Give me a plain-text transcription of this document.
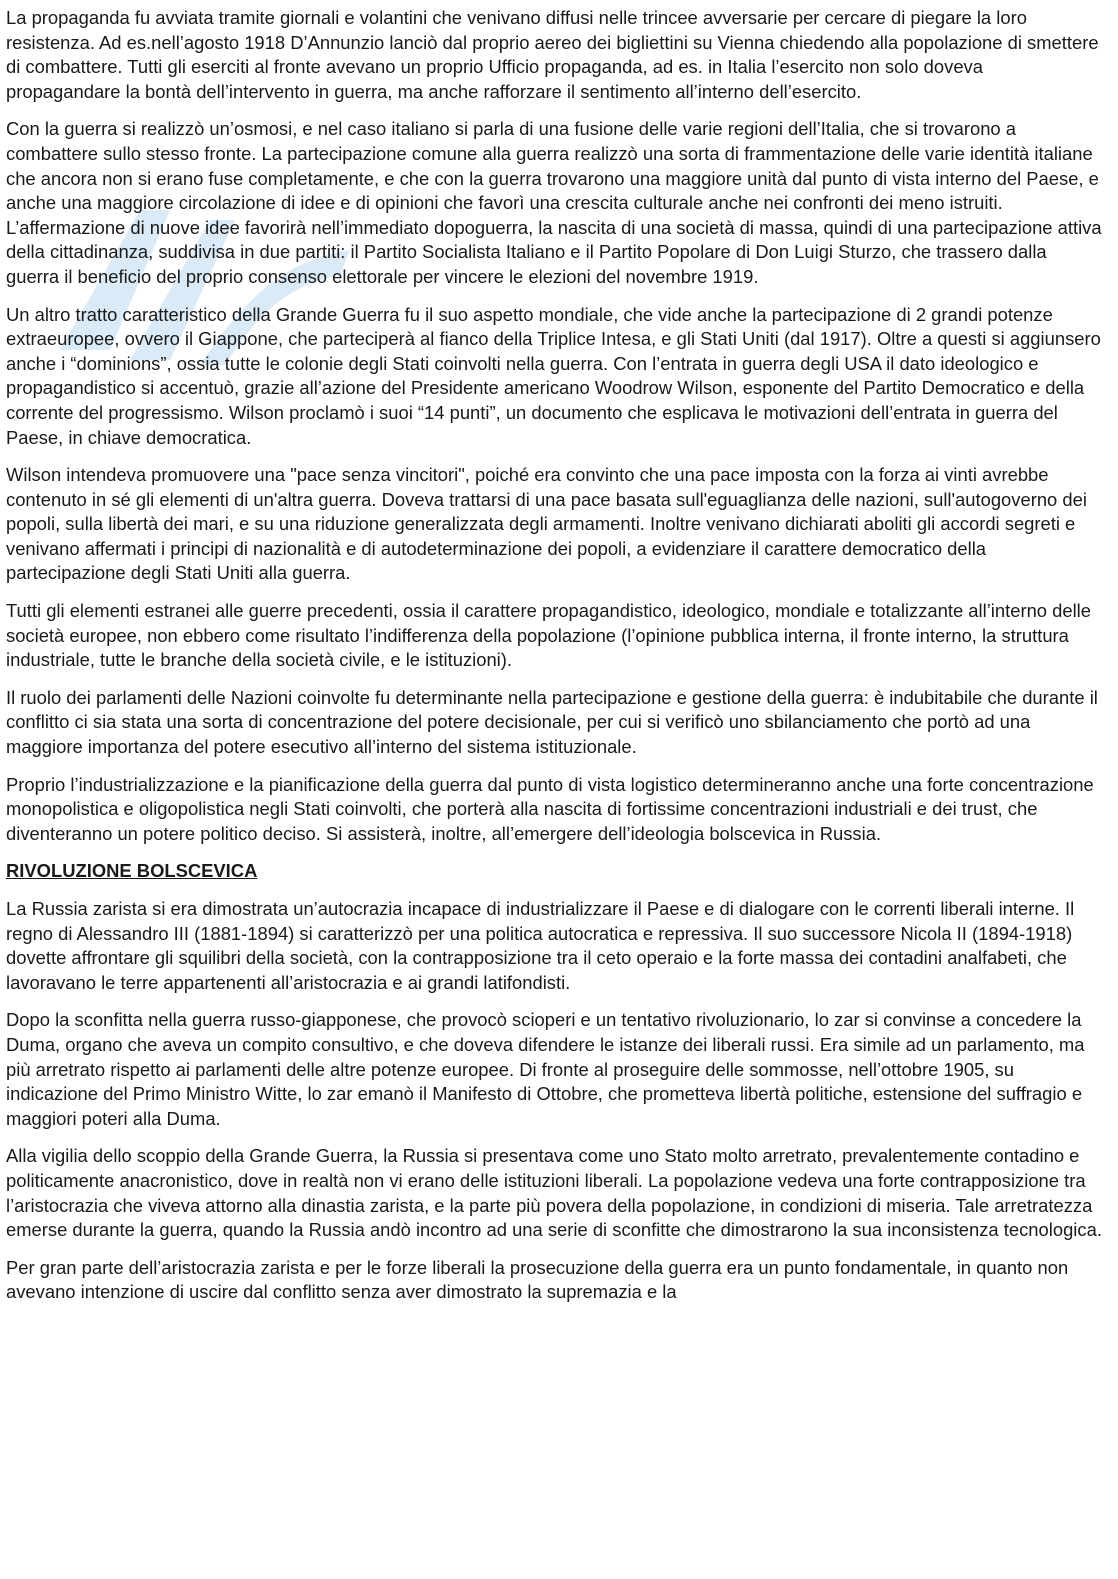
La propaganda fu avviata tramite giornali e volantini che venivano diffusi nelle trincee avversarie per cercare di piegare la loro resistenza. Ad es.nell’agosto 1918 D’Annunzio lanciò dal proprio aereo dei bigliettini su Vienna chiedendo alla popolazione di smettere di combattere. Tutti gli eserciti al fronte avevano un proprio Ufficio propaganda, ad es. in Italia l’esercito non solo doveva propagandare la bontà dell’intervento in guerra, ma anche rafforzare il sentimento all’interno dell’esercito.

Con la guerra si realizzò un’osmosi, e nel caso italiano si parla di una fusione delle varie regioni dell’Italia, che si trovarono a combattere sullo stesso fronte. La partecipazione comune alla guerra realizzò una sorta di frammentazione delle varie identità italiane che ancora non si erano fuse completamente, e che con la guerra trovarono una maggiore unità dal punto di vista interno del Paese, e anche una maggiore circolazione di idee e di opinioni che favorì una crescita culturale anche nei confronti dei meno istruiti. L’affermazione di nuove idee favorirà nell’immediato dopoguerra, la nascita di una società di massa, quindi di una partecipazione attiva della cittadinanza, suddivisa in due partiti: il Partito Socialista Italiano e il Partito Popolare di Don Luigi Sturzo, che trassero dalla guerra il beneficio del proprio consenso elettorale per vincere le elezioni del novembre 1919.

Un altro tratto caratteristico della Grande Guerra fu il suo aspetto mondiale, che vide anche la partecipazione di 2 grandi potenze extraeuropee, ovvero il Giappone, che parteciperà al fianco della Triplice Intesa, e gli Stati Uniti (dal 1917). Oltre a questi si aggiunsero anche i “dominions”, ossia tutte le colonie degli Stati coinvolti nella guerra. Con l’entrata in guerra degli USA il dato ideologico e propagandistico si accentuò, grazie all’azione del Presidente americano Woodrow Wilson, esponente del Partito Democratico e della corrente del progressismo. Wilson proclamò i suoi “14 punti”, un documento che esplicava le motivazioni dell’entrata in guerra del Paese, in chiave democratica.

Wilson intendeva promuovere una "pace senza vincitori", poiché era convinto che una pace imposta con la forza ai vinti avrebbe contenuto in sé gli elementi di un'altra guerra. Doveva trattarsi di una pace basata sull'eguaglianza delle nazioni, sull'autogoverno dei popoli, sulla libertà dei mari, e su una riduzione generalizzata degli armamenti. Inoltre venivano dichiarati aboliti gli accordi segreti e venivano affermati i principi di nazionalità e di autodeterminazione dei popoli, a evidenziare il carattere democratico della partecipazione degli Stati Uniti alla guerra.

Tutti gli elementi estranei alle guerre precedenti, ossia il carattere propagandistico, ideologico, mondiale e totalizzante all’interno delle società europee, non ebbero come risultato l’indifferenza della popolazione (l’opinione pubblica interna, il fronte interno, la struttura industriale, tutte le branche della società civile, e le istituzioni).

Il ruolo dei parlamenti delle Nazioni coinvolte fu determinante nella partecipazione e gestione della guerra: è indubitabile che durante il conflitto ci sia stata una sorta di concentrazione del potere decisionale, per cui si verificò uno sbilanciamento che portò ad una maggiore importanza del potere esecutivo all’interno del sistema istituzionale.

Proprio l’industrializzazione e la pianificazione della guerra dal punto di vista logistico determineranno anche una forte concentrazione monopolistica e oligopolistica negli Stati coinvolti, che porterà alla nascita di fortissime concentrazioni industriali e dei trust, che diventeranno un potere politico deciso. Si assisterà, inoltre, all’emergere dell’ideologia bolscevica in Russia.

RIVOLUZIONE BOLSCEVICA

La Russia zarista si era dimostrata un’autocrazia incapace di industrializzare il Paese e di dialogare con le correnti liberali interne. Il regno di Alessandro III (1881-1894) si caratterizzò per una politica autocratica e repressiva. Il suo successore Nicola II (1894-1918) dovette affrontare gli squilibri della società, con la contrapposizione tra il ceto operaio e la forte massa dei contadini analfabeti, che lavoravano le terre appartenenti all’aristocrazia e ai grandi latifondisti.

Dopo la sconfitta nella guerra russo-giapponese, che provocò scioperi e un tentativo rivoluzionario, lo zar si convinse a concedere la Duma, organo che aveva un compito consultivo, e che doveva difendere le istanze dei liberali russi. Era simile ad un parlamento, ma più arretrato rispetto ai parlamenti delle altre potenze europee. Di fronte al proseguire delle sommosse, nell’ottobre 1905, su indicazione del Primo Ministro Witte, lo zar emanò il Manifesto di Ottobre, che prometteva libertà politiche, estensione del suffragio e maggiori poteri alla Duma.

Alla vigilia dello scoppio della Grande Guerra, la Russia si presentava come uno Stato molto arretrato, prevalentemente contadino e politicamente anacronistico, dove in realtà non vi erano delle istituzioni liberali. La popolazione vedeva una forte contrapposizione tra l’aristocrazia che viveva attorno alla dinastia zarista, e la parte più povera della popolazione, in condizioni di miseria. Tale arretratezza emerse durante la guerra, quando la Russia andò incontro ad una serie di sconfitte che dimostrarono la sua inconsistenza tecnologica.

Per gran parte dell’aristocrazia zarista e per le forze liberali la prosecuzione della guerra era un punto fondamentale, in quanto non avevano intenzione di uscire dal conflitto senza aver dimostrato la supremazia e la
